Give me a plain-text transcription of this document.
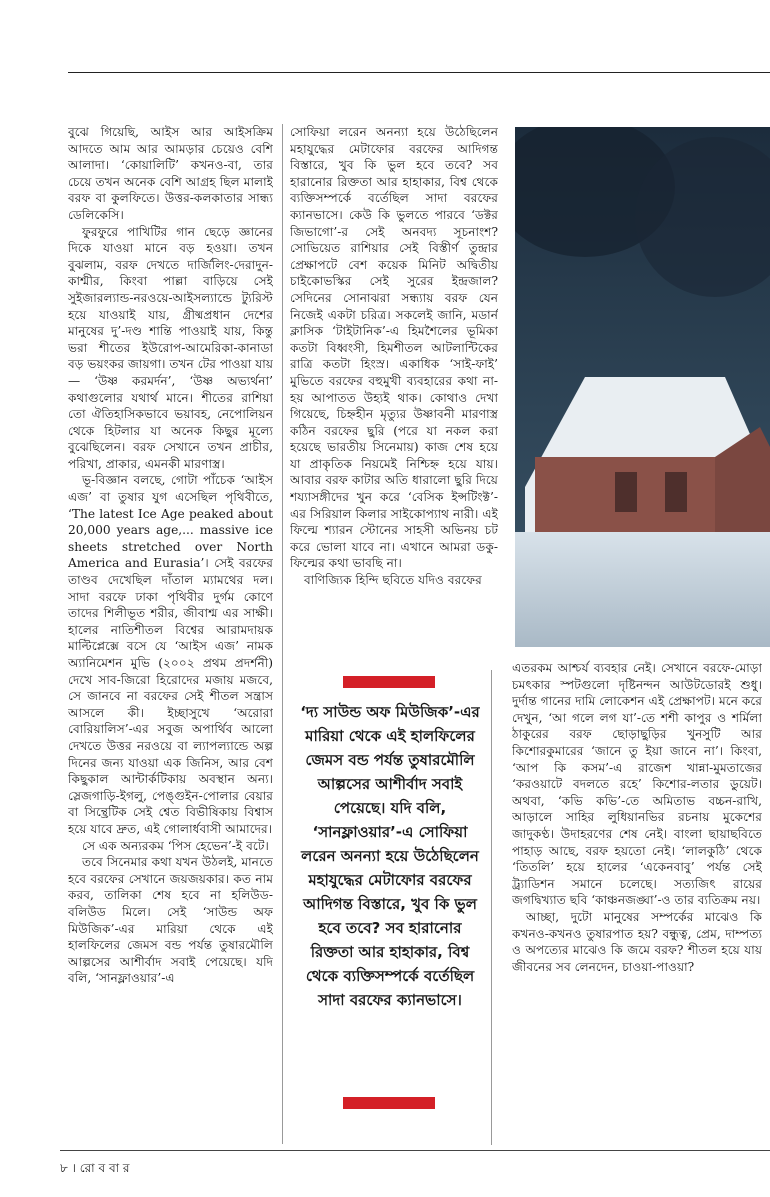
বুঝে গিয়েছি, আইস আর আইসক্রিম আদতে আম আর আমড়ার চেয়েও বেশি আলাদা। ‘কোয়ালিটি’ কখনও-বা, তার চেয়ে তখন অনেক বেশি আগ্রহ ছিল মালাই বরফ বা কুলফিতে। উত্তর-কলকাতার সান্ধ্য ডেলিকেসি।

ফুরফুরে পাখিটির গান ছেড়ে জ্ঞানের দিকে যাওয়া মানে বড় হওয়া। তখন বুঝলাম, বরফ দেখতে দার্জিলিং-দেরাদুন-কাশ্মীর, কিংবা পাল্লা বাড়িয়ে সেই সুইজারল্যান্ড-নরওয়ে-আইসল্যান্ডে ট্যুরিস্ট হয়ে যাওয়াই যায়, গ্রীষ্মপ্রধান দেশের মানুষের দু’-দণ্ড শান্তি পাওয়াই যায়, কিন্তু ভরা শীতের ইউরোপ-আমেরিকা-কানাডা বড় ভয়ংকর জায়গা। তখন টের পাওয়া যায়— ‘উষ্ণ করমর্দন’, ‘উষ্ণ অভ্যর্থনা’ কথাগুলোর যথার্থ মানে। শীতের রাশিয়া তো ঐতিহাসিকভাবে ভয়াবহ, নেপোলিয়ন থেকে হিটলার যা অনেক কিছুর মূল্যে বুঝেছিলেন। বরফ সেখানে তখন প্রাচীর, পরিখা, প্রাকার, এমনকী মারণাস্ত্র।

ভূ-বিজ্ঞান বলছে, গোটা পাঁচেক ‘আইস এজ’ বা তুষার যুগ এসেছিল পৃথিবীতে, ‘The latest Ice Age peaked about 20,000 years age,... massive ice sheets stretched over North America and Eurasia’। সেই বরফের তাণ্ডব দেখেছিল দাঁতাল ম্যামথের দল। সাদা বরফে ঢাকা পৃথিবীর দুর্গম কোণে তাদের শিলীভূত শরীর, জীবাশ্ম এর সাক্ষী। হালের নাতিশীতল বিশ্বের আরামদায়ক মাল্টিপ্লেক্সে বসে যে ‘আইস এজ’ নামক অ্যানিমেশন মুভি (২০০২ প্রথম প্রদর্শনী) দেখে সাব-জিরো হিরোদের মজায় মজবে, সে জানবে না বরফের সেই শীতল সন্ত্রাস আসলে কী। ইচ্ছাসুখে ‘অরোরা বোরিয়ালিস’-এর সবুজ অপার্থিব আলো দেখতে উত্তর নরওয়ে বা ল্যাপল্যান্ডে অল্প দিনের জন্য যাওয়া এক জিনিস, আর বেশ কিছুকাল আন্টার্কটিকায় অবস্থান অন্য। স্লেজগাড়ি-ইগলু, পেঙ্গুইন-পোলার বেয়ার বা সিন্থ্রেটিক সেই শ্বেত বিভীষিকায় বিশ্বাস হয়ে যাবে দ্রুত, এই গোলার্ধবাসী আমাদের।

সে এক অন্যরকম ‘পিস হেভেন’-ই বটে।

তবে সিনেমার কথা যখন উঠলই, মানতে হবে বরফের সেখানে জয়জয়কার। কত নাম করব, তালিকা শেষ হবে না হলিউড-বলিউড মিলে। সেই ‘সাউন্ড অফ মিউজিক’-এর মারিয়া থেকে এই হালফিলের জেমস বন্ড পর্যন্ত তুষারমৌলি আল্পসের আশীর্বাদ সবাই পেয়েছে। যদি বলি, ‘সানফ্লাওয়ার’-এ

সোফিয়া লরেন অনন্যা হয়ে উঠেছিলেন মহাযুদ্ধের মেটাফোর বরফের আদিগন্ত বিস্তারে, খুব কি ভুল হবে তবে? সব হারানোর রিক্ততা আর হাহাকার, বিশ্ব থেকে ব্যক্তিসম্পর্কে বর্তেছিল সাদা বরফের ক্যানভাসে। কেউ কি ভুলতে পারবে ‘ডক্টর জিভাগো’-র সেই অনবদ্য সূচনাংশ? সোভিয়েত রাশিয়ার সেই বিস্তীর্ণ তুন্দ্রার প্রেক্ষাপটে বেশ কয়েক মিনিট অদ্বিতীয় চাইকোভস্কির সেই সুরের ইন্দ্রজাল? সেদিনের সোনাঝরা সন্ধ্যায় বরফ যেন নিজেই একটা চরিত্র। সকলেই জানি, মডার্ন ক্লাসিক ‘টাইটানিক’-এ হিমশৈলের ভূমিকা কতটা বিধ্বংসী, হিমশীতল আটলান্টিকের রাত্রি কতটা হিংস্র। একাধিক ‘সাই-ফাই’ মুভিতে বরফের বহুমুখী ব্যবহারের কথা না-হয় আপাতত উহ্যই থাক। কোথাও দেখা গিয়েছে, চিহ্নহীন মৃত্যুর উষ্ণাবনী মারণাস্ত্র কঠিন বরফের ছুরি (পরে যা নকল করা হয়েছে ভারতীয় সিনেমায়) কাজ শেষ হয়ে যা প্রাকৃতিক নিয়মেই নিশ্চিহ্ন হয়ে যায়। আবার বরফ কাটার অতি ধারালো ছুরি দিয়ে শয্যাসঙ্গীদের খুন করে ‘বেসিক ইন্সটিংক্ট’-এর সিরিয়াল কিলার সাইকোপ্যাথ নারী। এই ফিল্মে শ্যারন স্টোনের সাহসী অভিনয় চট করে ভোলা যাবে না। এখানে আমরা ডকু-ফিল্মের কথা ভাবছি না।

বাণিজ্যিক হিন্দি ছবিতে যদিও বরফের

‘দ্য সাউন্ড অফ মিউজিক’-এর মারিয়া থেকে এই হালফিলের জেমস বন্ড পর্যন্ত তুষারমৌলি আল্পসের আশীর্বাদ সবাই পেয়েছে। যদি বলি, ‘সানফ্লাওয়ার’-এ সোফিয়া লরেন অনন্যা হয়ে উঠেছিলেন মহাযুদ্ধের মেটাফোর বরফের আদিগন্ত বিস্তারে, খুব কি ভুল হবে তবে? সব হারানোর রিক্ততা আর হাহাকার, বিশ্ব থেকে ব্যক্তিসম্পর্কে বর্তেছিল সাদা বরফের ক্যানভাসে।

এতরকম আশ্চর্য ব্যবহার নেই। সেখানে বরফে-মোড়া চমৎকার স্পটগুলো দৃষ্টিনন্দন আউটডোরই শুধু। দুর্দান্ত গানের দামি লোকেশন এই প্রেক্ষাপট। মনে করে দেখুন, ‘আ গলে লগ যা’-তে শশী কাপুর ও শর্মিলা ঠাকুরের বরফ ছোড়াছুড়ির খুনসুটি আর কিশোরকুমারের ‘জানে তু ইয়া জানে না’। কিংবা, ‘আপ কি কসম’-এ রাজেশ খান্না-মুমতাজের ‘করওয়াটে বদলতে রহে’ কিশোর-লতার ডুয়েট। অথবা, ‘কভি কভি’-তে অমিতাভ বচ্চন-রাখি, আড়ালে সাহির লুধিয়ানভির রচনায় মুকেশের জাদুকণ্ঠ। উদাহরণের শেষ নেই। বাংলা ছায়াছবিতে পাহাড় আছে, বরফ হয়তো নেই। ‘লালকুঠি’ থেকে ‘তিতলি’ হয়ে হালের ‘একেনবাবু’ পর্যন্ত সেই ট্র্যাডিশন সমানে চলেছে। সত্যজিৎ রায়ের জগদ্বিখ্যাত ছবি ‘কাঞ্চনজঙ্ঘা’-ও তার ব্যতিক্রম নয়।

আচ্ছা, দুটো মানুষের সম্পর্কের মাঝেও কি কখনও-কখনও তুষারপাত হয়? বন্ধুত্ব, প্রেম, দাম্পত্য ও অপত্যের মাঝেও কি জমে বরফ? শীতল হয়ে যায় জীবনের সব লেনদেন, চাওয়া-পাওয়া?

৮ । রো ব বা র
